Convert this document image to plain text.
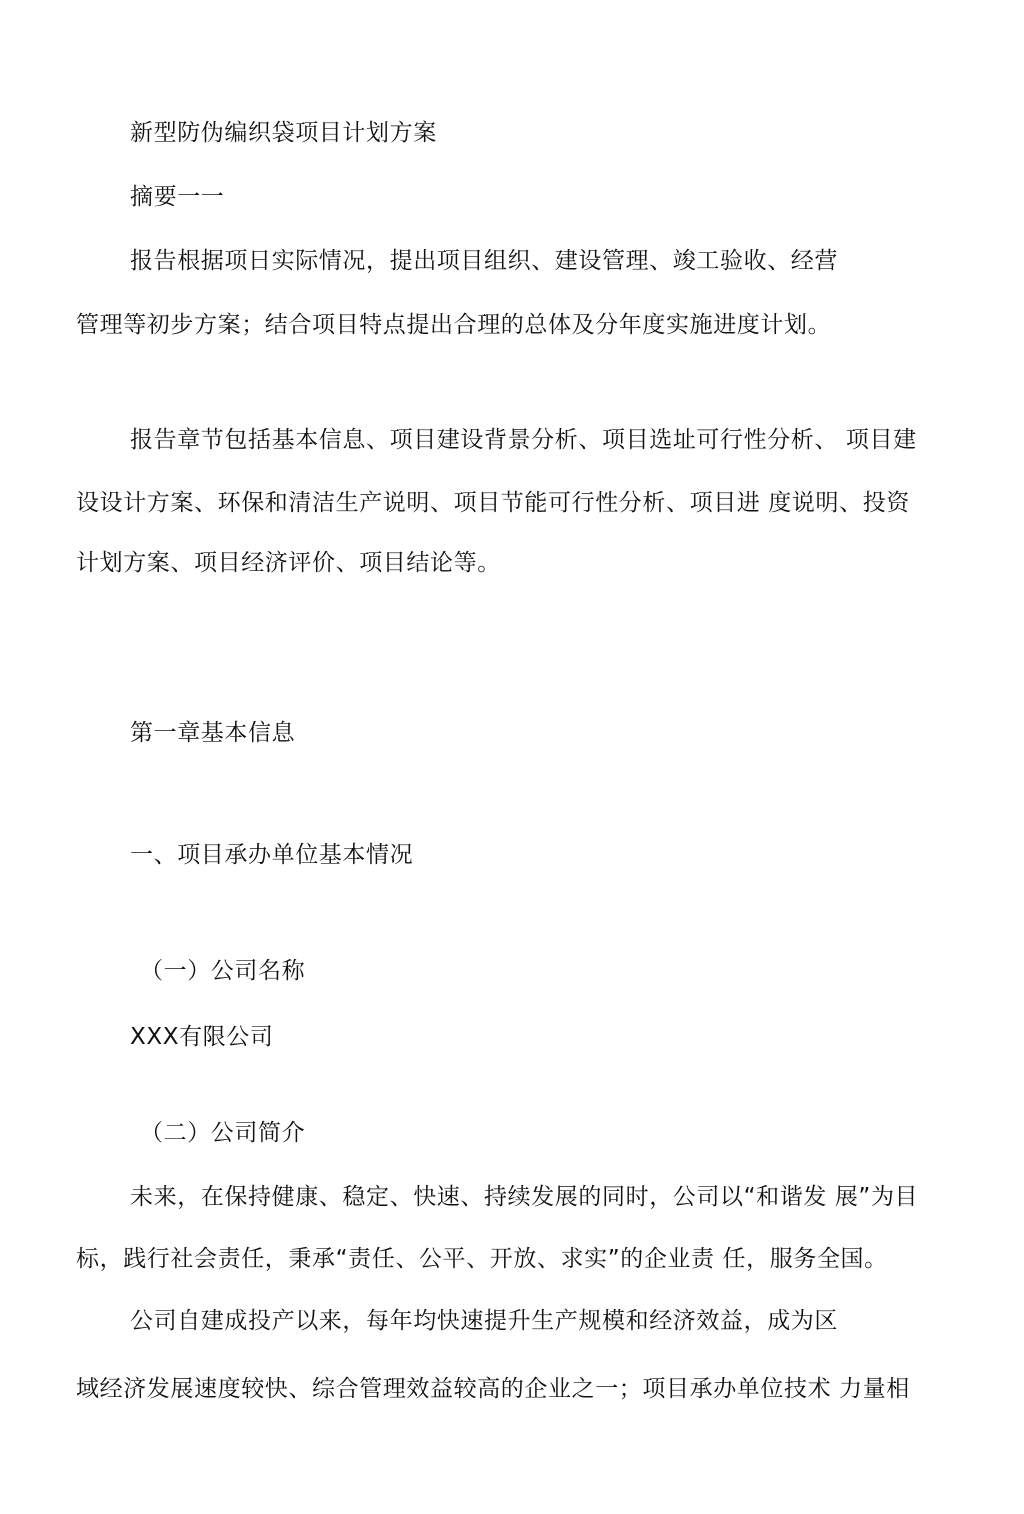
新型防伪编织袋项目计划方案
摘要一一
报告根据项日实际情况，提出项目组织、建设管理、竣工验收、经营
管理等初步方案；结合项目特点提出合理的总体及分年度实施进度计划。
报告章节包括基本信息、项目建设背景分析、项目选址可行性分析、 项目建
设设计方案、环保和清洁生产说明、项目节能可行性分析、项目进 度说明、投资
计划方案、项目经济评价、项目结论等。
第一章基本信息
一、项目承办单位基本情况
（一）公司名称
XXX有限公司
（二）公司简介
未来，在保持健康、稳定、快速、持续发展的同时，公司以“和谐发 展”为目
标，践行社会责任，秉承“责任、公平、开放、求实”的企业责 任，服务全国。
公司自建成投产以来，每年均快速提升生产规模和经济效益，成为区
域经济发展速度较快、综合管理效益较高的企业之一；项目承办单位技术 力量相
